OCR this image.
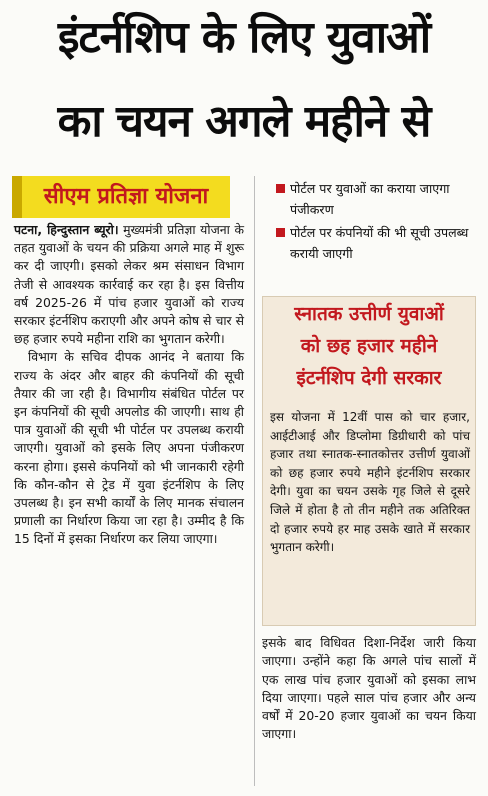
इंटर्नशिप के लिए युवाओं
का चयन अगले महीने से
सीएम प्रतिज्ञा योजना

पटना, हिन्दुस्तान ब्यूरो। मुख्यमंत्री प्रतिज्ञा योजना के तहत युवाओं के चयन की प्रक्रिया अगले माह में शुरू कर दी जाएगी। इसको लेकर श्रम संसाधन विभाग तेजी से आवश्यक कार्रवाई कर रहा है। इस वित्तीय वर्ष 2025-26 में पांच हजार युवाओं को राज्य सरकार इंटर्नशिप कराएगी और अपने कोष से चार से छह हजार रुपये महीना राशि का भुगतान करेगी।

विभाग के सचिव दीपक आनंद ने बताया कि राज्य के अंदर और बाहर की कंपनियों की सूची तैयार की जा रही है। विभागीय संबंधित पोर्टल पर इन कंपनियों की सूची अपलोड की जाएगी। साथ ही पात्र युवाओं की सूची भी पोर्टल पर उपलब्ध करायी जाएगी। युवाओं को इसके लिए अपना पंजीकरण करना होगा। इससे कंपनियों को भी जानकारी रहेगी कि कौन-कौन से ट्रेड में युवा इंटर्नशिप के लिए उपलब्ध है। इन सभी कार्यों के लिए मानक संचालन प्रणाली का निर्धारण किया जा रहा है। उम्मीद है कि 15 दिनों में इसका निर्धारण कर लिया जाएगा।

पोर्टल पर युवाओं का कराया जाएगा पंजीकरण
पोर्टल पर कंपनियों की भी सूची उपलब्ध करायी जाएगी
स्नातक उत्तीर्ण युवाओं
को छह हजार महीने
इंटर्नशिप देगी सरकार
इस योजना में 12वीं पास को चार हजार, आईटीआई और डिप्लोमा डिग्रीधारी को पांच हजार तथा स्नातक-स्नातकोत्तर उत्तीर्ण युवाओं को छह हजार रुपये महीने इंटर्नशिप सरकार देगी। युवा का चयन उसके गृह जिले से दूसरे जिले में होता है तो तीन महीने तक अतिरिक्त दो हजार रुपये हर माह उसके खाते में सरकार भुगतान करेगी।
इसके बाद विधिवत दिशा-निर्देश जारी किया जाएगा। उन्होंने कहा कि अगले पांच सालों में एक लाख पांच हजार युवाओं को इसका लाभ दिया जाएगा। पहले साल पांच हजार और अन्य वर्षों में 20-20 हजार युवाओं का चयन किया जाएगा।
